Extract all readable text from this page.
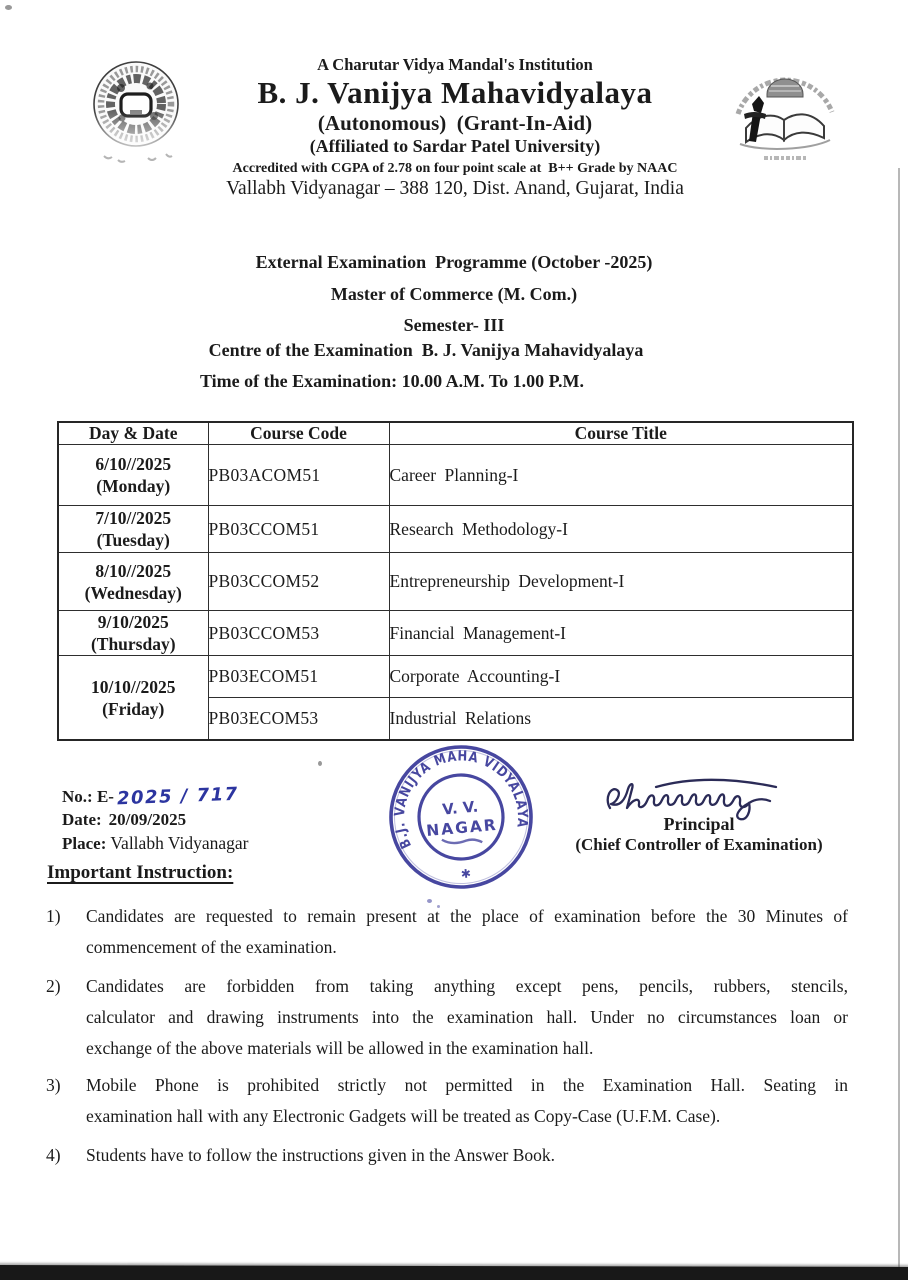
A Charutar Vidya Mandal's Institution
B. J. Vanijya Mahavidyalaya
(Autonomous)  (Grant-In-Aid)
(Affiliated to Sardar Patel University)
Accredited with CGPA of 2.78 on four point scale at  B++ Grade by NAAC
Vallabh Vidyanagar – 388 120, Dist. Anand, Gujarat, India
External Examination  Programme (October -2025)
Master of Commerce (M. Com.)
Semester- III
Centre of the Examination  B. J. Vanijya Mahavidyalaya
Time of the Examination: 10.00 A.M. To 1.00 P.M.
Day & Date	Course Code	Course Title

6/10//2025
(Monday)	PB03ACOM51	Career Planning-I

7/10//2025
(Tuesday)	PB03CCOM51	Research Methodology-I

8/10//2025
(Wednesday)	PB03CCOM52	Entrepreneurship Development-I

9/10/2025
(Thursday)	PB03CCOM53	Financial Management-I

10/10//2025
(Friday)	PB03ECOM51	Corporate Accounting-I
	PB03ECOM53	Industrial Relations
No.: E- 2025 / 717
Date: 20/09/2025
Place: Vallabh Vidyanagar
Important Instruction:
B.J. VANIJYA MAHA VIDYALAYA
V. V.
NAGAR
✱
Principal
(Chief Controller of Examination)
1)	Candidates are requested to remain present at the place of examination before the 30 Minutes of
commencement of the examination.
2)	Candidates are forbidden from taking anything except pens, pencils, rubbers, stencils,
calculator and drawing instruments into the examination hall. Under no circumstances loan or
exchange of the above materials will be allowed in the examination hall.
3)	Mobile Phone is prohibited strictly not permitted in the Examination Hall. Seating in
examination hall with any Electronic Gadgets will be treated as Copy-Case (U.F.M. Case).
4)	Students have to follow the instructions given in the Answer Book.
